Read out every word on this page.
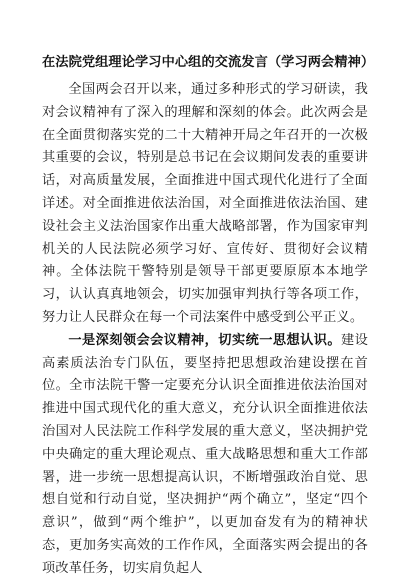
在法院党组理论学习中心组的交流发言（学习两会精神）

全国两会召开以来，通过多种形式的学习研读，我对会议精神有了深入的理解和深刻的体会。此次两会是在全面贯彻落实党的二十大精神开局之年召开的一次极其重要的会议，特别是总书记在会议期间发表的重要讲话，对高质量发展，全面推进中国式现代化进行了全面详述。对全面推进依法治国，对全面推进依法治国、建设社会主义法治国家作出重大战略部署，作为国家审判机关的人民法院必须学习好、宣传好、贯彻好会议精神。全体法院干警特别是领导干部更要原原本本地学习，认认真真地领会，切实加强审判执行等各项工作，努力让人民群众在每一个司法案件中感受到公平正义。

一是深刻领会会议精神，切实统一思想认识。建设高素质法治专门队伍，要坚持把思想政治建设摆在首位。全市法院干警一定要充分认识全面推进依法治国对推进中国式现代化的重大意义，充分认识全面推进依法治国对人民法院工作科学发展的重大意义，坚决拥护党中央确定的重大理论观点、重大战略思想和重大工作部署，进一步统一思想提高认识，不断增强政治自觉、思想自觉和行动自觉，坚决拥护“两个确立”，坚定“四个意识”，做到“两个维护”，以更加奋发有为的精神状态，更加务实高效的工作作风，全面落实两会提出的各项改革任务，切实肩负起人
